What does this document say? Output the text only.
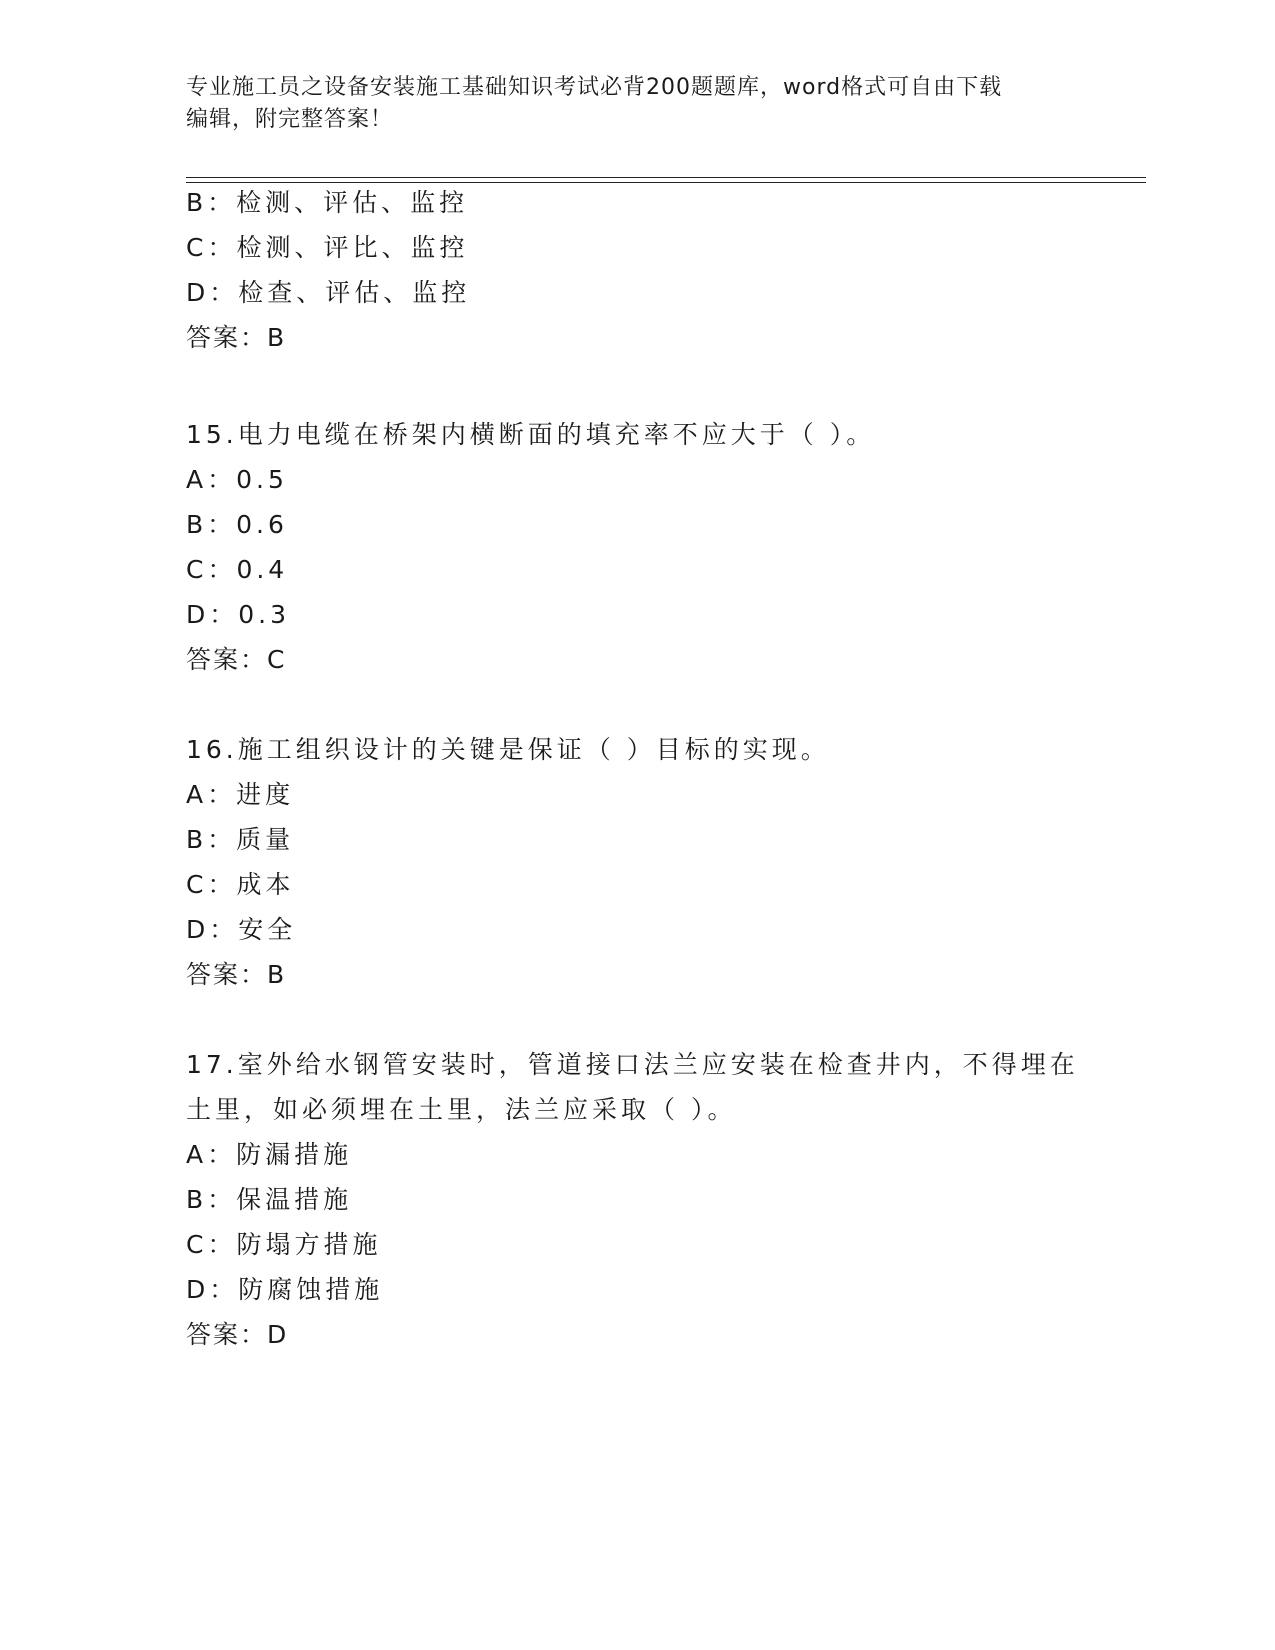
专业施工员之设备安装施工基础知识考试必背200题题库，word格式可自由下载
编辑，附完整答案！
B：检测、评估、监控
C：检测、评比、监控
D：检查、评估、监控
答案：B
15.电力电缆在桥架内横断面的填充率不应大于（ ）。
A：0.5
B：0.6
C：0.4
D：0.3
答案：C
16.施工组织设计的关键是保证（ ）目标的实现。
A：进度
B：质量
C：成本
D：安全
答案：B
17.室外给水钢管安装时，管道接口法兰应安装在检查井内，不得埋在
土里，如必须埋在土里，法兰应采取（ ）。
A：防漏措施
B：保温措施
C：防塌方措施
D：防腐蚀措施
答案：D
